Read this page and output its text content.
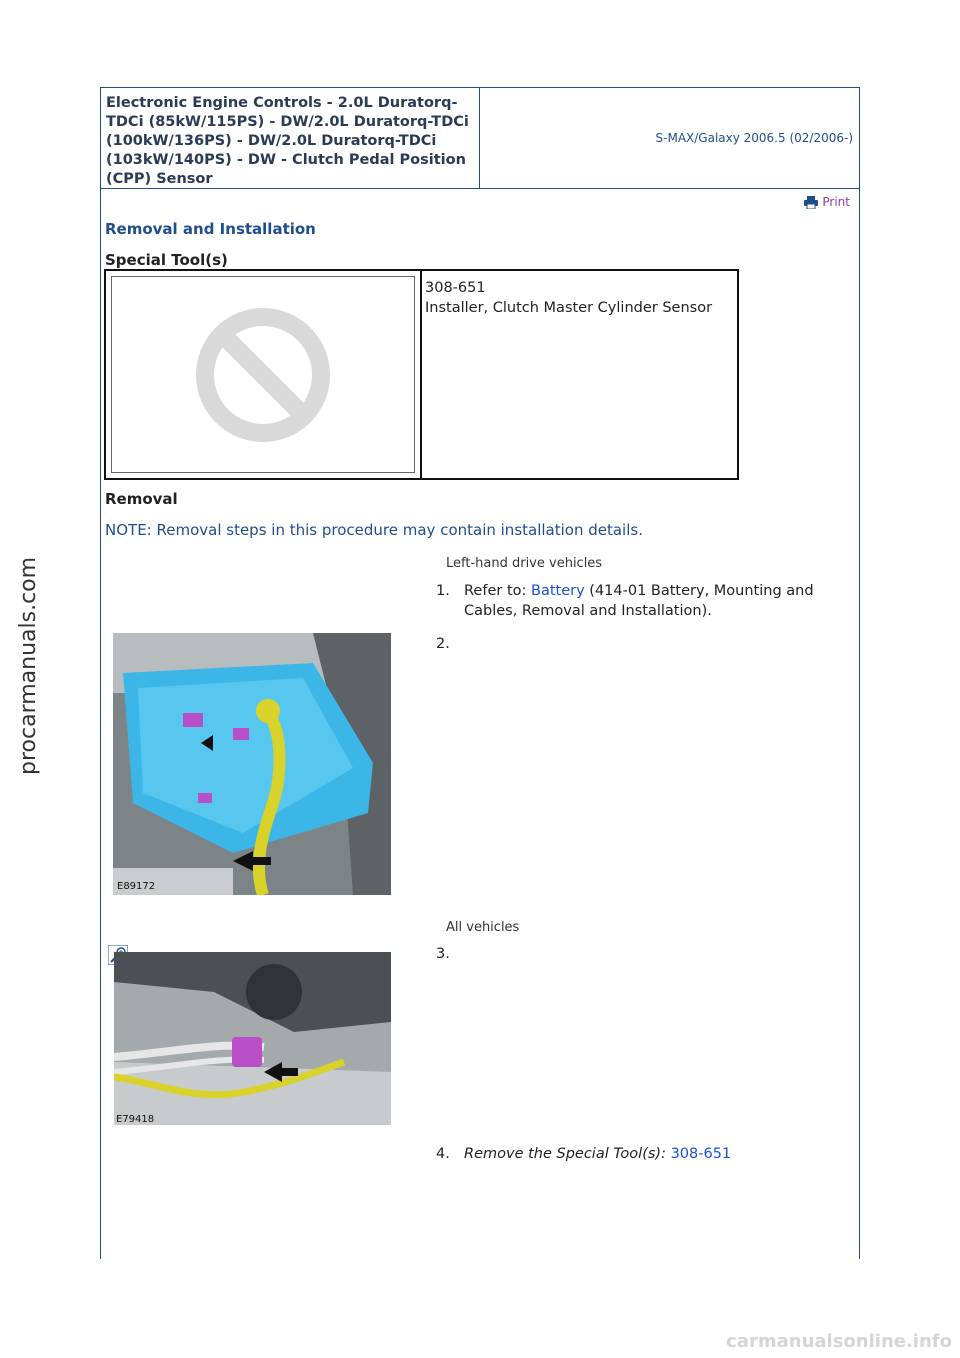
Electronic Engine Controls - 2.0L Duratorq-TDCi (85kW/115PS) - DW/2.0L Duratorq-TDCi (100kW/136PS) - DW/2.0L Duratorq-TDCi (103kW/140PS) - DW - Clutch Pedal Position (CPP) Sensor
S-MAX/Galaxy 2006.5 (02/2006-)
Print
Removal and Installation
Special Tool(s)
308-651
Installer, Clutch Master Cylinder Sensor
Removal
NOTE: Removal steps in this procedure may contain installation details.
Left-hand drive vehicles
1. Refer to: Battery (414-01 Battery, Mounting and Cables, Removal and Installation).
2.
E89172
All vehicles
3.
E79418
4. Remove the Special Tool(s): 308-651
procarmanuals.com
carmanualsonline.info
